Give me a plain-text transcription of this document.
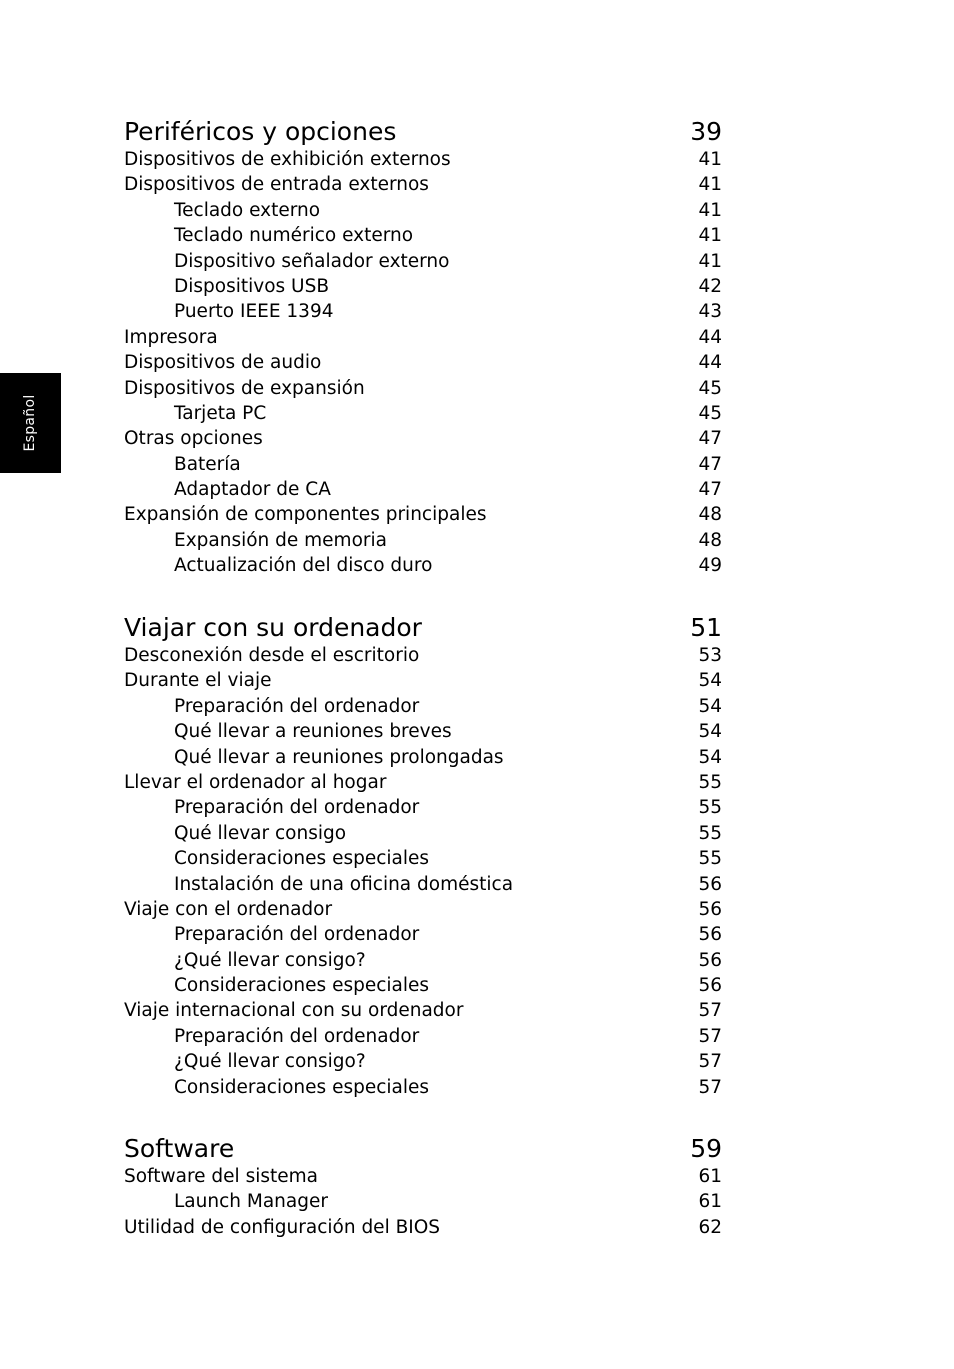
Español
Periféricos y opciones	39
Dispositivos de exhibición externos	41
Dispositivos de entrada externos	41
Teclado externo	41
Teclado numérico externo	41
Dispositivo señalador externo	41
Dispositivos USB	42
Puerto IEEE 1394	43
Impresora	44
Dispositivos de audio	44
Dispositivos de expansión	45
Tarjeta PC	45
Otras opciones	47
Batería	47
Adaptador de CA	47
Expansión de componentes principales	48
Expansión de memoria	48
Actualización del disco duro	49
Viajar con su ordenador	51
Desconexión desde el escritorio	53
Durante el viaje	54
Preparación del ordenador	54
Qué llevar a reuniones breves	54
Qué llevar a reuniones prolongadas	54
Llevar el ordenador al hogar	55
Preparación del ordenador	55
Qué llevar consigo	55
Consideraciones especiales	55
Instalación de una oficina doméstica	56
Viaje con el ordenador	56
Preparación del ordenador	56
¿Qué llevar consigo?	56
Consideraciones especiales	56
Viaje internacional con su ordenador	57
Preparación del ordenador	57
¿Qué llevar consigo?	57
Consideraciones especiales	57
Software	59
Software del sistema	61
Launch Manager	61
Utilidad de configuración del BIOS	62
